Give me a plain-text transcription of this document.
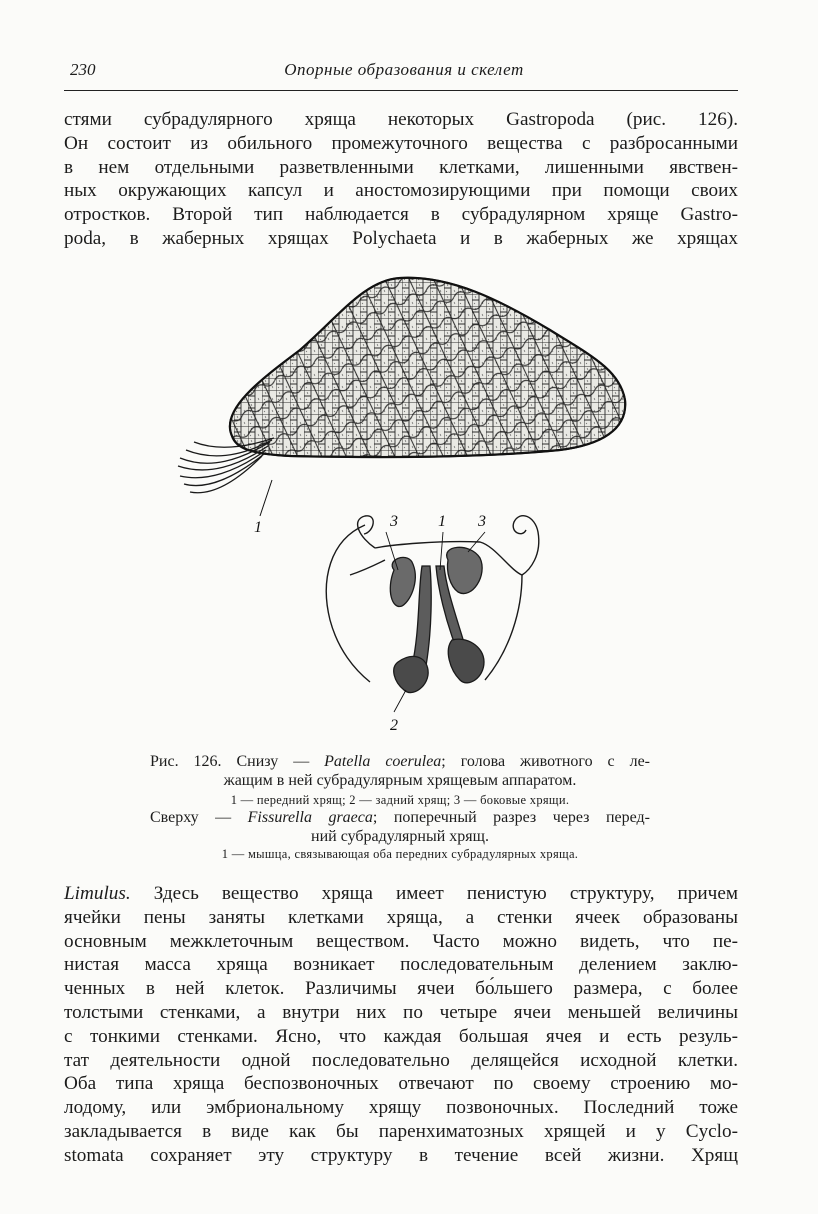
230	Опорные образования и скелет
стями субрадулярного хряща некоторых Gastropoda (рис. 126).
Он состоит из обильного промежуточного вещества с разбросанными
в нем отдельными разветвленными клетками, лишенными явствен-
ных окружающих капсул и аностомозирующими при помощи своих
отростков. Второй тип наблюдается в субрадулярном хряще Gastro-
poda, в жаберных хрящах Polychaeta и в жаберных же хрящах
1	3	1 3
2
Рис. 126. Снизу — Patella coerulea; голова животного с ле-
жащим в ней субрадулярным хрящевым аппаратом.
1 — передний хрящ; 2 — задний хрящ; 3 — боковые хрящи.
Сверху — Fissurella graeca; поперечный разрез через перед-
ний субрадулярный хрящ.
1 — мышца, связывающая оба передних субрадулярных хряща.
Limulus. Здесь вещество хряща имеет пенистую структуру, причем
ячейки пены заняты клетками хряща, а стенки ячеек образованы
основным межклеточным веществом. Часто можно видеть, что пе-
нистая масса хряща возникает последовательным делением заклю-
ченных в ней клеток. Различимы ячеи бо́льшего размера, с более
толстыми стенками, а внутри них по четыре ячеи меньшей величины
с тонкими стенками. Ясно, что каждая большая ячея и есть резуль-
тат деятельности одной последовательно делящейся исходной клетки.
Оба типа хряща беспозвоночных отвечают по своему строению мо-
лодому, или эмбриональному хрящу позвоночных. Последний тоже
закладывается в виде как бы паренхиматозных хрящей и у Cyclo-
stomata сохраняет эту структуру в течение всей жизни. Хрящ
